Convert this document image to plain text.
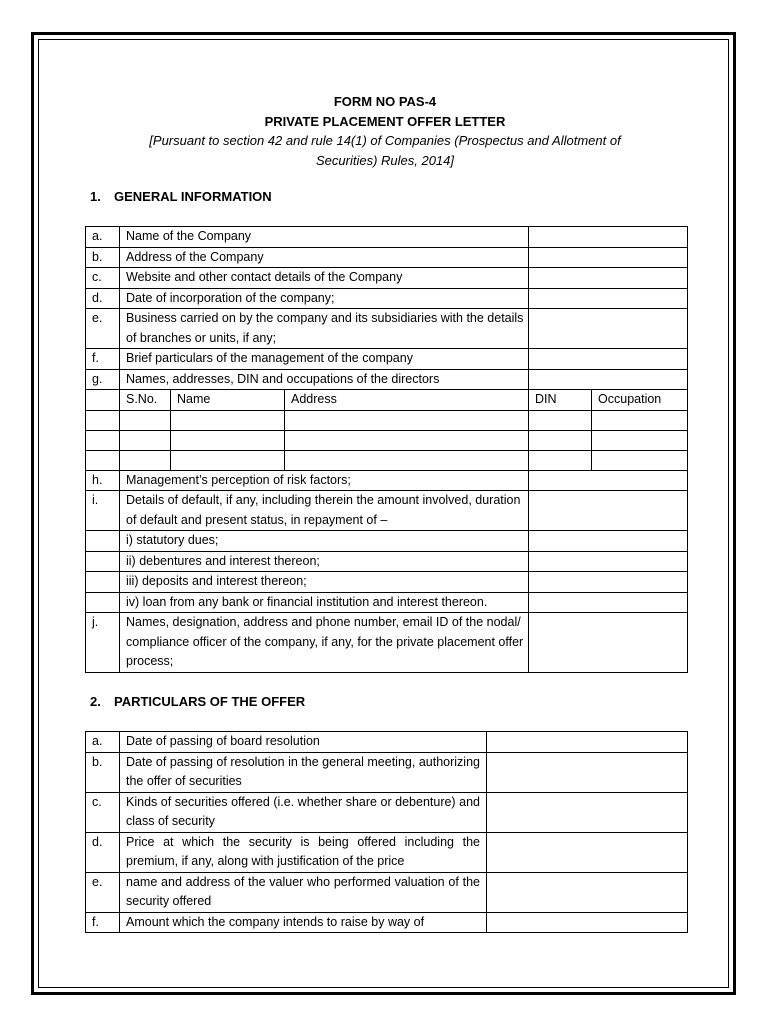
FORM NO PAS-4
PRIVATE PLACEMENT OFFER LETTER
[Pursuant to section 42 and rule 14(1) of Companies (Prospectus and Allotment of
Securities) Rules, 2014]
1. GENERAL INFORMATION
a.	Name of the Company				
b.	Address of the Company				
c.	Website and other contact details of the Company				
d.	Date of incorporation of the company;				
e.	Business carried on by the company and its subsidiaries with the details of branches or units, if any;				
f.	Brief particulars of the management of the company				
g.	Names, addresses, DIN and occupations of the directors				
	S.No.	Name	Address	DIN	Occupation

h.	Management’s perception of risk factors;				
i.	Details of default, if any, including therein the amount involved, duration of default and present status, in repayment of –				
	i) statutory dues;				
	ii) debentures and interest thereon;				
	iii) deposits and interest thereon;				
	iv) loan from any bank or financial institution and interest thereon.				
j.	Names, designation, address and phone number, email ID of the nodal/ compliance officer of the company, if any, for the private placement offer process;				
2. PARTICULARS OF THE OFFER
a.	Date of passing of board resolution	
b.	Date of passing of resolution in the general meeting, authorizing the offer of securities	
c.	Kinds of securities offered (i.e. whether share or debenture) and class of security	
d.	Price at which the security is being offered including the premium, if any, along with justification of the price	
e.	name and address of the valuer who performed valuation of the security offered	
f.	Amount which the company intends to raise by way of	
